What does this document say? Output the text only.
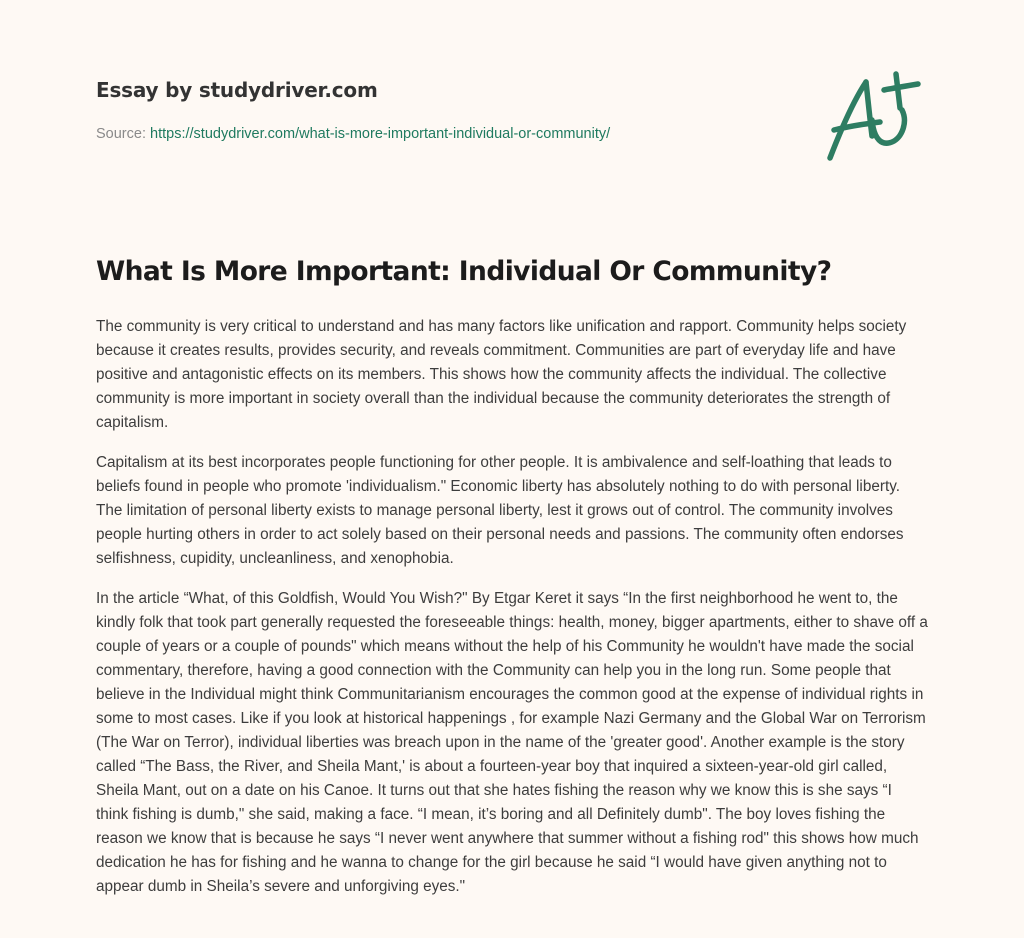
Essay by studydriver.com
Source: https://studydriver.com/what-is-more-important-individual-or-community/
What Is More Important: Individual Or Community?

The community is very critical to understand and has many factors like unification and rapport. Community helps society because it creates results, provides security, and reveals commitment. Communities are part of everyday life and have positive and antagonistic effects on its members. This shows how the community affects the individual. The collective community is more important in society overall than the individual because the community deteriorates the strength of capitalism.

Capitalism at its best incorporates people functioning for other people. It is ambivalence and self-loathing that leads to beliefs found in people who promote 'individualism." Economic liberty has absolutely nothing to do with personal liberty. The limitation of personal liberty exists to manage personal liberty, lest it grows out of control. The community involves people hurting others in order to act solely based on their personal needs and passions. The community often endorses selfishness, cupidity, uncleanliness, and xenophobia.

In the article “What, of this Goldfish, Would You Wish?" By Etgar Keret it says “In the first neighborhood he went to, the kindly folk that took part generally requested the foreseeable things: health, money, bigger apartments, either to shave off a couple of years or a couple of pounds" which means without the help of his Community he wouldn't have made the social commentary, therefore, having a good connection with the Community can help you in the long run. Some people that believe in the Individual might think Communitarianism encourages the common good at the expense of individual rights in some to most cases. Like if you look at historical happenings , for example Nazi Germany and the Global War on Terrorism (The War on Terror), individual liberties was breach upon in the name of the 'greater good'. Another example is the story called “The Bass, the River, and Sheila Mant,' is about a fourteen-year boy that inquired a sixteen-year-old girl called, Sheila Mant, out on a date on his Canoe. It turns out that she hates fishing the reason why we know this is she says “I think fishing is dumb," she said, making a face. “I mean, it’s boring and all Definitely dumb". The boy loves fishing the reason we know that is because he says “I never went anywhere that summer without a fishing rod" this shows how much dedication he has for fishing and he wanna to change for the girl because he said “I would have given anything not to appear dumb in Sheila’s severe and unforgiving eyes."
